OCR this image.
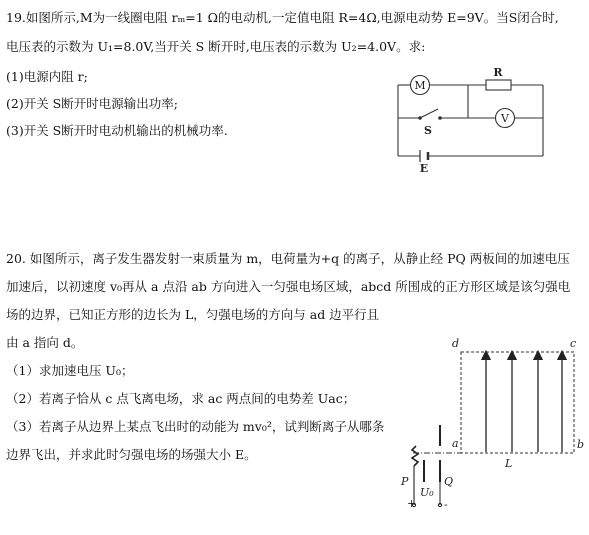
19.如图所示,M为一线圈电阻 rₘ=1 Ω的电动机,一定值电阻 R=4Ω,电源电动势 E=9V。当S闭合时,
电压表的示数为 U₁=8.0V,当开关 S 断开时,电压表的示数为 U₂=4.0V。求:
(1)电源内阻 r;
(2)开关 S断开时电源输出功率;
(3)开关 S断开时电动机输出的机械功率.
M
R
S
V
E
20. 如图所示，离子发生器发射一束质量为 m，电荷量为+q 的离子，从静止经 PQ 两板间的加速电压
加速后，以初速度 v₀再从 a 点沿 ab 方向进入一匀强电场区域，abcd 所围成的正方形区域是该匀强电
场的边界，已知正方形的边长为 L，匀强电场的方向与 ad 边平行且
由 a 指向 d。
（1）求加速电压 U₀；
（2）若离子恰从 c 点飞离电场，求 ac 两点间的电势差 Uac；
（3）若离子从边界上某点飞出时的动能为 mv₀²，试判断离子从哪条
边界飞出，并求此时匀强电场的场强大小 E。
d	c
a	b
L
P	Q
U₀
+	-
